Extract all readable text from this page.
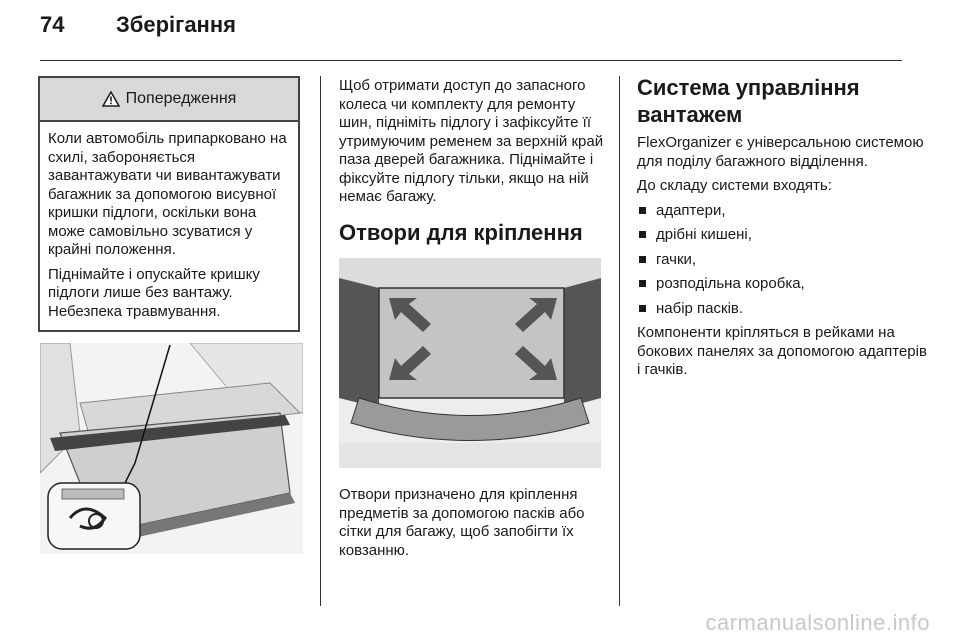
74 Зберігання
Попередження

Коли автомобіль припарковано на схилі, забороняється завантажувати чи вивантажувати багажник за допомогою висувної кришки підлоги, оскільки вона може самовільно зсуватися у крайні положення.

Піднімайте і опускайте кришку підлоги лише без вантажу. Небезпека травмування.

Щоб отримати доступ до запасного колеса чи комплекту для ремонту шин, підніміть підлогу і зафіксуйте її утримуючим ременем за верхній край паза дверей багажника. Піднімайте і фіксуйте підлогу тільки, якщо на ній немає багажу.

Отвори для кріплення
Отвори призначено для кріплення предметів за допомогою пасків або сітки для багажу, щоб запобігти їх ковзанню.
Система управління вантажем

FlexOrganizer є універсальною системою для поділу багажного відділення.

До складу системи входять:

адаптери,
дрібні кишені,
гачки,
розподільна коробка,
набір пасків.

Компоненти кріпляться в рейками на бокових панелях за допомогою адаптерів і гачків.

carmanualsonline.info
